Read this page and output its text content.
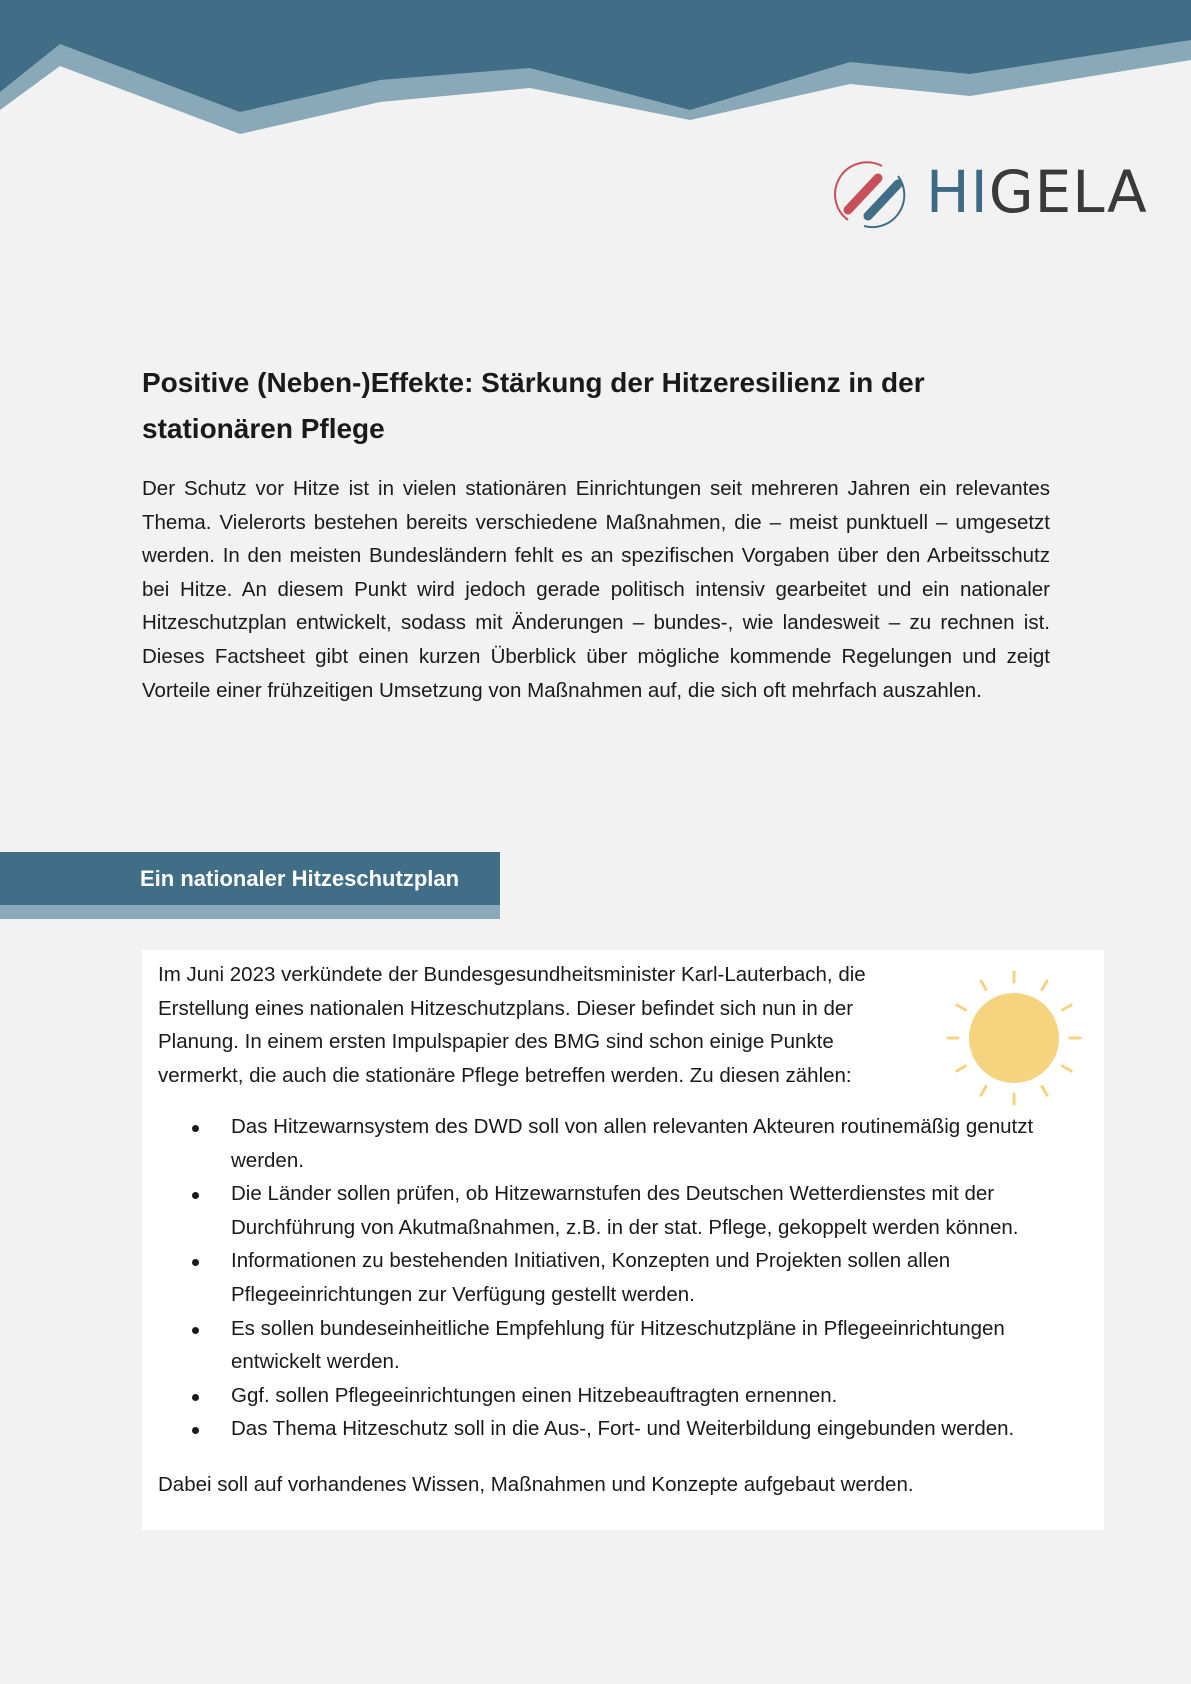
HIGELA
Positive (Neben-)Effekte: Stärkung der Hitzeresilienz in der stationären Pflege

Der Schutz vor Hitze ist in vielen stationären Einrichtungen seit mehreren Jahren ein relevantes Thema. Vielerorts bestehen bereits verschiedene Maßnahmen, die – meist punktuell – umgesetzt werden. In den meisten Bundesländern fehlt es an spezifischen Vorgaben über den Arbeitsschutz bei Hitze. An diesem Punkt wird jedoch gerade politisch intensiv gearbeitet und ein nationaler Hitzeschutzplan entwickelt, sodass mit Änderungen – bundes-, wie landesweit – zu rechnen ist. Dieses Factsheet gibt einen kurzen Überblick über mögliche kommende Regelungen und zeigt Vorteile einer frühzeitigen Umsetzung von Maßnahmen auf, die sich oft mehrfach auszahlen.

Ein nationaler Hitzeschutzplan

Im Juni 2023 verkündete der Bundesgesundheitsminister Karl-Lauterbach, die Erstellung eines nationalen Hitzeschutzplans. Dieser befindet sich nun in der Planung. In einem ersten Impulspapier des BMG sind schon einige Punkte vermerkt, die auch die stationäre Pflege betreffen werden. Zu diesen zählen:

Das Hitzewarnsystem des DWD soll von allen relevanten Akteuren routinemäßig genutzt werden.
Die Länder sollen prüfen, ob Hitzewarnstufen des Deutschen Wetterdienstes mit der Durchführung von Akutmaßnahmen, z.B. in der stat. Pflege, gekoppelt werden können.
Informationen zu bestehenden Initiativen, Konzepten und Projekten sollen allen Pflegeeinrichtungen zur Verfügung gestellt werden.
Es sollen bundeseinheitliche Empfehlung für Hitzeschutzpläne in Pflegeeinrichtungen entwickelt werden.
Ggf. sollen Pflegeeinrichtungen einen Hitzebeauftragten ernennen.
Das Thema Hitzeschutz soll in die Aus-, Fort- und Weiterbildung eingebunden werden.

Dabei soll auf vorhandenes Wissen, Maßnahmen und Konzepte aufgebaut werden.
